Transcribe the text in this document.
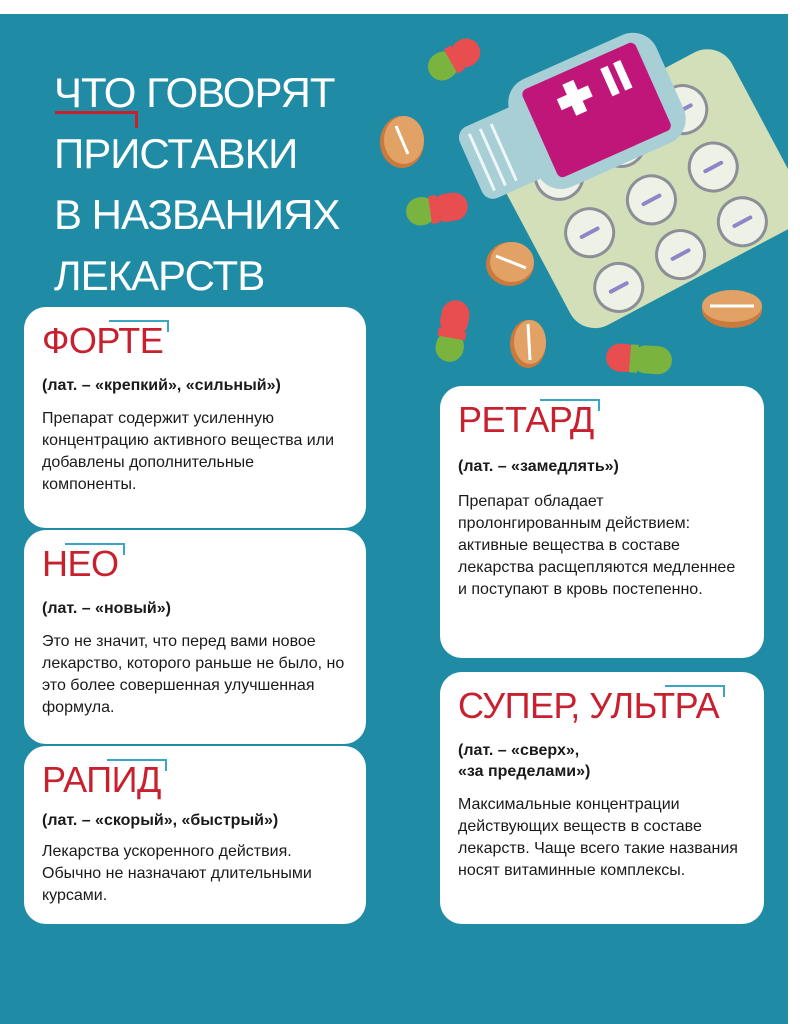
ЧТО ГОВОРЯТ
ПРИСТАВКИ
В НАЗВАНИЯХ
ЛЕКАРСТВ
ФОРТЕ
(лат. – «крепкий», «сильный»)
Препарат содержит усиленную концентрацию активного вещества или добавлены дополнительные компоненты.
НЕО
(лат. – «новый»)
Это не значит, что перед вами новое лекарство, которого раньше не было, но это более совершенная улучшенная формула.
РАПИД
(лат. – «скорый», «быстрый»)
Лекарства ускоренного действия. Обычно не назначают длительными курсами.
РЕТАРД
(лат. – «замедлять»)
Препарат обладает пролонгированным действием: активные вещества в составе лекарства расщепляются медленнее и поступают в кровь постепенно.
СУПЕР, УЛЬТРА
(лат. – «сверх»,
«за пределами»)
Максимальные концентрации действующих веществ в составе лекарств. Чаще всего такие названия носят витаминные комплексы.
